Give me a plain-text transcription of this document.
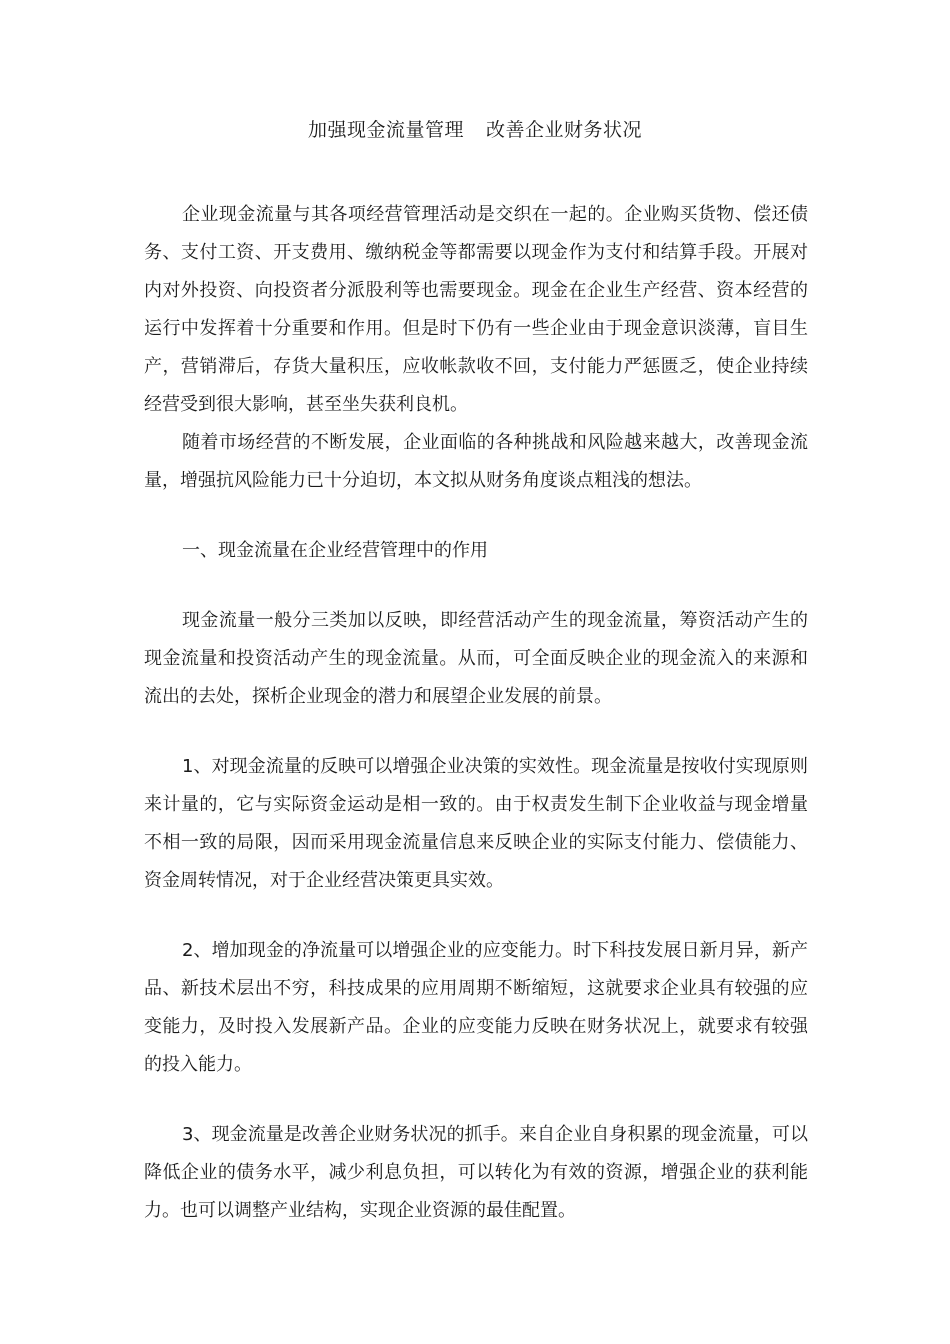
加强现金流量管理 改善企业财务状况

企业现金流量与其各项经营管理活动是交织在一起的。企业购买货物、偿还债务、支付工资、开支费用、缴纳税金等都需要以现金作为支付和结算手段。开展对内对外投资、向投资者分派股利等也需要现金。现金在企业生产经营、资本经营的运行中发挥着十分重要和作用。但是时下仍有一些企业由于现金意识淡薄，盲目生产，营销滞后，存货大量积压，应收帐款收不回，支付能力严惩匮乏，使企业持续经营受到很大影响，甚至坐失获利良机。

随着市场经营的不断发展，企业面临的各种挑战和风险越来越大，改善现金流量，增强抗风险能力已十分迫切，本文拟从财务角度谈点粗浅的想法。

一、现金流量在企业经营管理中的作用

现金流量一般分三类加以反映，即经营活动产生的现金流量，筹资活动产生的现金流量和投资活动产生的现金流量。从而，可全面反映企业的现金流入的来源和流出的去处，探析企业现金的潜力和展望企业发展的前景。

1、对现金流量的反映可以增强企业决策的实效性。现金流量是按收付实现原则来计量的，它与实际资金运动是相一致的。由于权责发生制下企业收益与现金增量不相一致的局限，因而采用现金流量信息来反映企业的实际支付能力、偿债能力、资金周转情况，对于企业经营决策更具实效。

2、增加现金的净流量可以增强企业的应变能力。时下科技发展日新月异，新产品、新技术层出不穷，科技成果的应用周期不断缩短，这就要求企业具有较强的应变能力，及时投入发展新产品。企业的应变能力反映在财务状况上，就要求有较强的投入能力。

3、现金流量是改善企业财务状况的抓手。来自企业自身积累的现金流量，可以降低企业的债务水平，减少利息负担，可以转化为有效的资源，增强企业的获利能力。也可以调整产业结构，实现企业资源的最佳配置。
